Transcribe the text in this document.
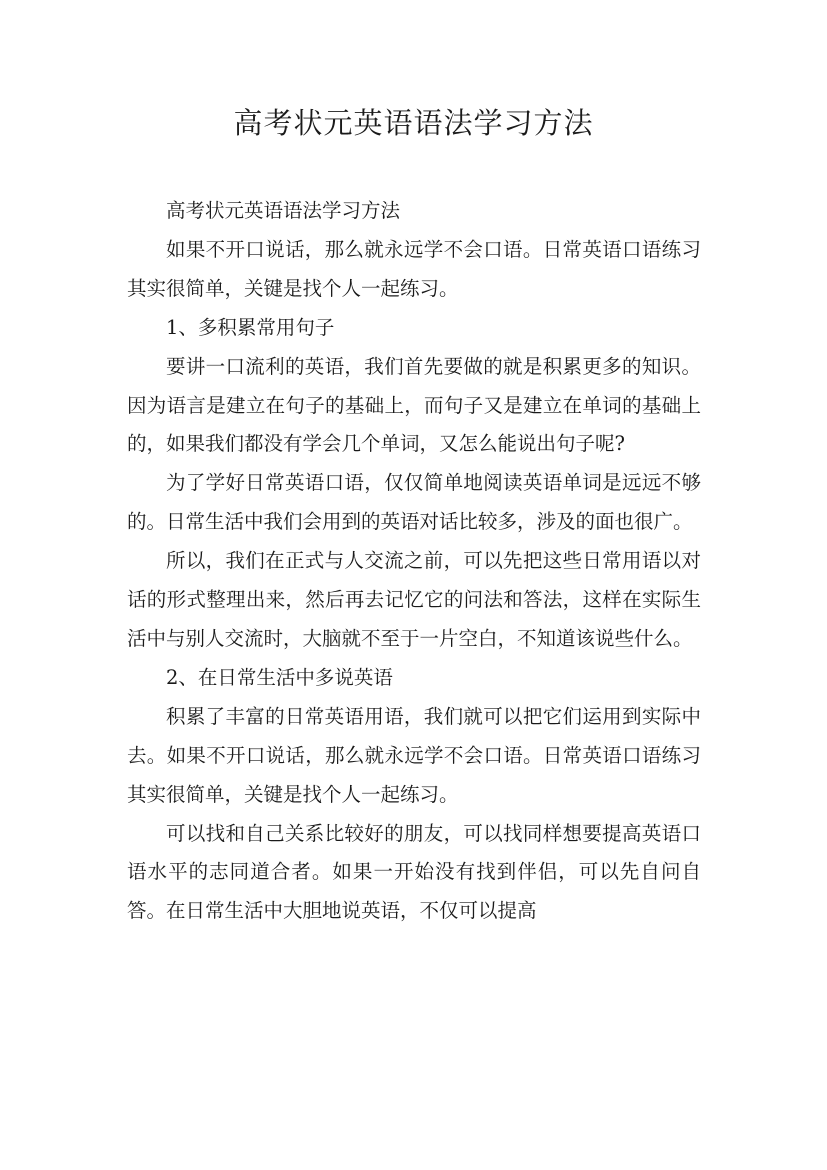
高考状元英语语法学习方法

高考状元英语语法学习方法

如果不开口说话，那么就永远学不会口语。日常英语口语练习其实很简单，关键是找个人一起练习。

1、多积累常用句子

要讲一口流利的英语，我们首先要做的就是积累更多的知识。因为语言是建立在句子的基础上，而句子又是建立在单词的基础上的，如果我们都没有学会几个单词，又怎么能说出句子呢?

为了学好日常英语口语，仅仅简单地阅读英语单词是远远不够的。日常生活中我们会用到的英语对话比较多，涉及的面也很广。

所以，我们在正式与人交流之前，可以先把这些日常用语以对话的形式整理出来，然后再去记忆它的问法和答法，这样在实际生活中与别人交流时，大脑就不至于一片空白，不知道该说些什么。

2、在日常生活中多说英语

积累了丰富的日常英语用语，我们就可以把它们运用到实际中去。如果不开口说话，那么就永远学不会口语。日常英语口语练习其实很简单，关键是找个人一起练习。

可以找和自己关系比较好的朋友，可以找同样想要提高英语口语水平的志同道合者。如果一开始没有找到伴侣，可以先自问自答。在日常生活中大胆地说英语，不仅可以提高
